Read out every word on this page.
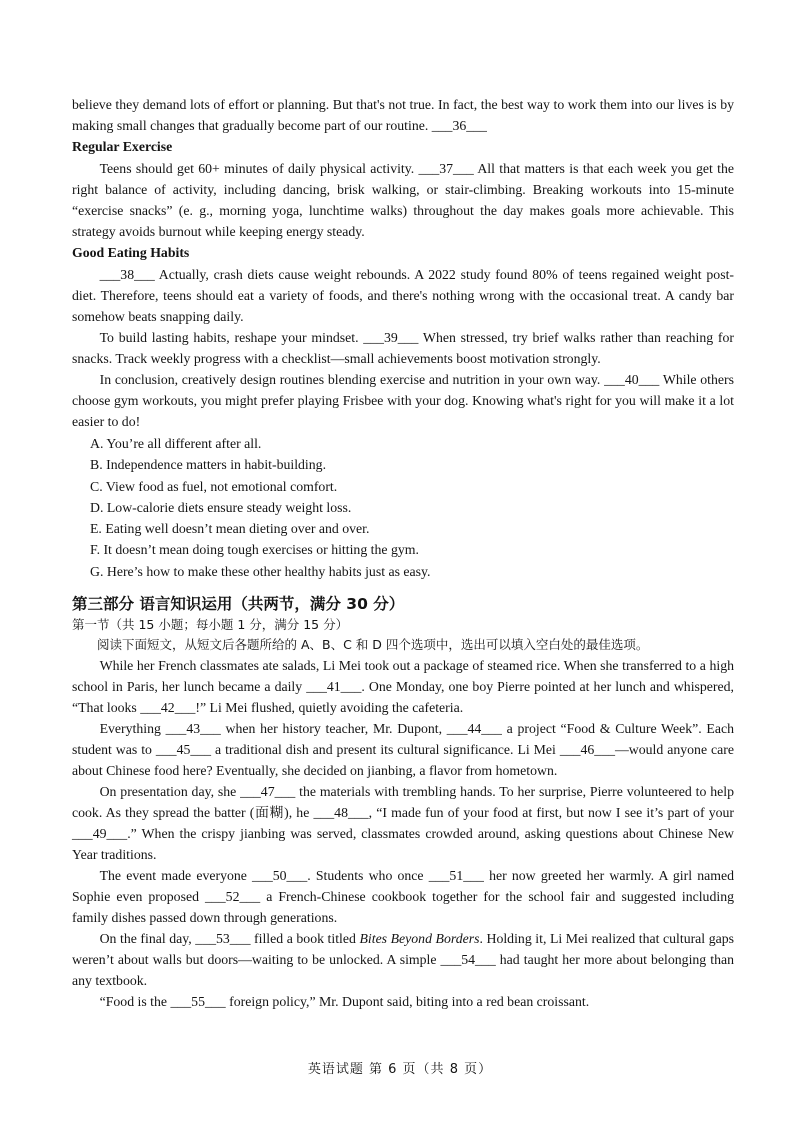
believe they demand lots of effort or planning. But that's not true. In fact, the best way to work them into our lives is by making small changes that gradually become part of our routine. ___36___

Regular Exercise

Teens should get 60+ minutes of daily physical activity. ___37___ All that matters is that each week you get the right balance of activity, including dancing, brisk walking, or stair-climbing. Breaking workouts into 15-minute “exercise snacks” (e. g., morning yoga, lunchtime walks) throughout the day makes goals more achievable. This strategy avoids burnout while keeping energy steady.

Good Eating Habits

___38___ Actually, crash diets cause weight rebounds. A 2022 study found 80% of teens regained weight post-diet. Therefore, teens should eat a variety of foods, and there's nothing wrong with the occasional treat. A candy bar somehow beats snapping daily.

To build lasting habits, reshape your mindset. ___39___ When stressed, try brief walks rather than reaching for snacks. Track weekly progress with a checklist—small achievements boost motivation strongly.

In conclusion, creatively design routines blending exercise and nutrition in your own way. ___40___ While others choose gym workouts, you might prefer playing Frisbee with your dog. Knowing what's right for you will make it a lot easier to do!

A. You’re all different after all.
B. Independence matters in habit-building.
C. View food as fuel, not emotional comfort.
D. Low-calorie diets ensure steady weight loss.
E. Eating well doesn’t mean dieting over and over.
F. It doesn’t mean doing tough exercises or hitting the gym.
G. Here’s how to make these other healthy habits just as easy.
第三部分 语言知识运用（共两节，满分 30 分）
第一节（共 15 小题；每小题 1 分，满分 15 分）
阅读下面短文，从短文后各题所给的 A、B、C 和 D 四个选项中，选出可以填入空白处的最佳选项。

While her French classmates ate salads, Li Mei took out a package of steamed rice. When she transferred to a high school in Paris, her lunch became a daily ___41___. One Monday, one boy Pierre pointed at her lunch and whispered, “That looks ___42___!” Li Mei flushed, quietly avoiding the cafeteria.

Everything ___43___ when her history teacher, Mr. Dupont, ___44___ a project “Food & Culture Week”. Each student was to ___45___ a traditional dish and present its cultural significance. Li Mei ___46___—would anyone care about Chinese food here? Eventually, she decided on jianbing, a flavor from hometown.

On presentation day, she ___47___ the materials with trembling hands. To her surprise, Pierre volunteered to help cook. As they spread the batter (面糊), he ___48___, “I made fun of your food at first, but now I see it’s part of your ___49___.” When the crispy jianbing was served, classmates crowded around, asking questions about Chinese New Year traditions.

The event made everyone ___50___. Students who once ___51___ her now greeted her warmly. A girl named Sophie even proposed ___52___ a French-Chinese cookbook together for the school fair and suggested including family dishes passed down through generations.

On the final day, ___53___ filled a book titled Bites Beyond Borders. Holding it, Li Mei realized that cultural gaps weren’t about walls but doors—waiting to be unlocked. A simple ___54___ had taught her more about belonging than any textbook.

“Food is the ___55___ foreign policy,” Mr. Dupont said, biting into a red bean croissant.

英语试题 第 6 页（共 8 页）
